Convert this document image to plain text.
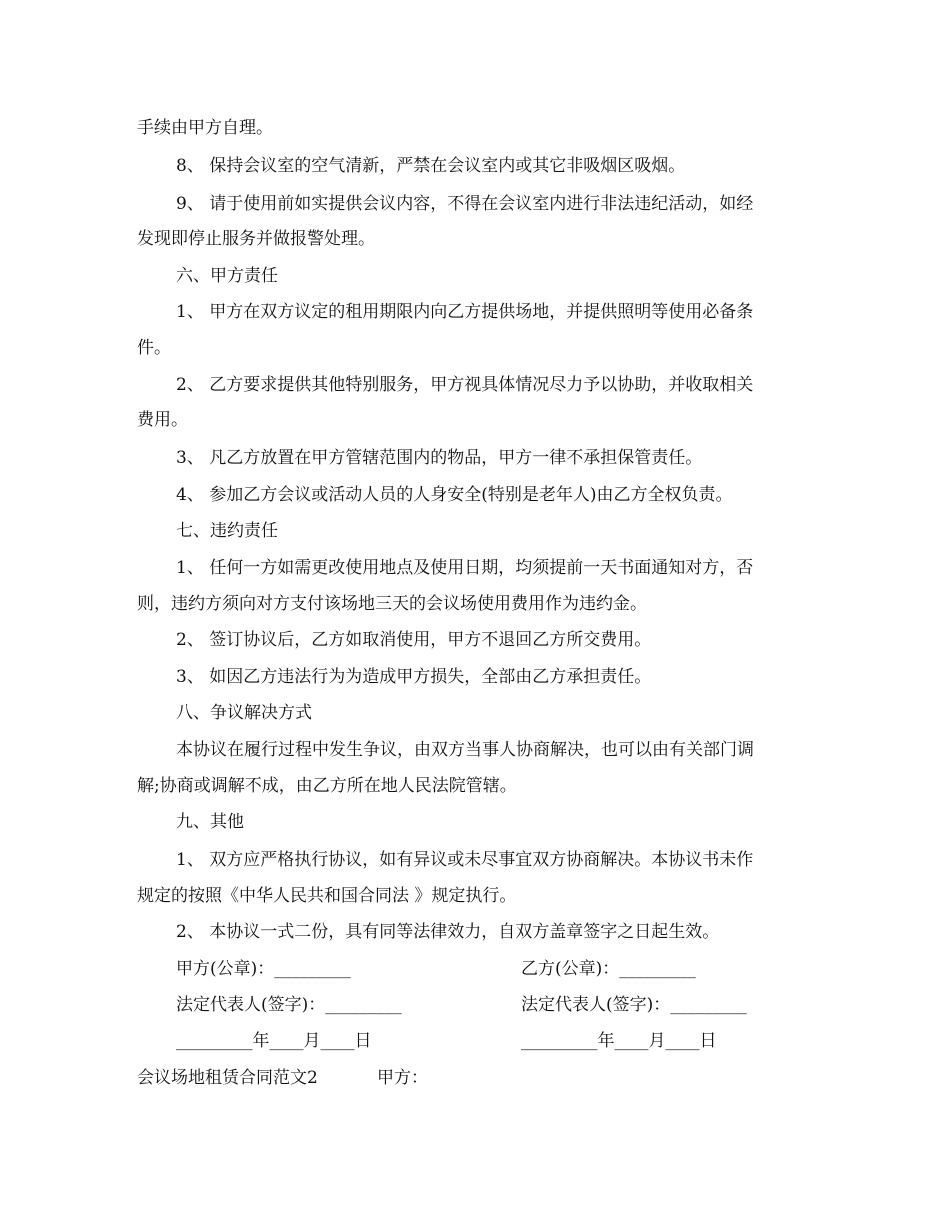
手续由甲方自理。
8、 保持会议室的空气清新，严禁在会议室内或其它非吸烟区吸烟。
9、 请于使用前如实提供会议内容，不得在会议室内进行非法违纪活动，如经
发现即停止服务并做报警处理。
六、甲方责任
1、 甲方在双方议定的租用期限内向乙方提供场地，并提供照明等使用必备条
件。
2、 乙方要求提供其他特别服务，甲方视具体情况尽力予以协助，并收取相关
费用。
3、 凡乙方放置在甲方管辖范围内的物品，甲方一律不承担保管责任。
4、 参加乙方会议或活动人员的人身安全(特别是老年人)由乙方全权负责。
七、违约责任
1、 任何一方如需更改使用地点及使用日期，均须提前一天书面通知对方，否
则，违约方须向对方支付该场地三天的会议场使用费用作为违约金。
2、 签订协议后，乙方如取消使用，甲方不退回乙方所交费用。
3、 如因乙方违法行为为造成甲方损失，全部由乙方承担责任。
八、争议解决方式
本协议在履行过程中发生争议，由双方当事人协商解决，也可以由有关部门调
解;协商或调解不成，由乙方所在地人民法院管辖。
九、其他
1、 双方应严格执行协议，如有异议或未尽事宜双方协商解决。本协议书未作
规定的按照《中华人民共和国合同法 》规定执行。
2、 本协议一式二份，具有同等法律效力，自双方盖章签字之日起生效。
甲方(公章)：_________	乙方(公章)：_________
法定代表人(签字)：_________	法定代表人(签字)：_________
_________年____月____日	_________年____月____日
会议场地租赁合同范文2	甲方：
